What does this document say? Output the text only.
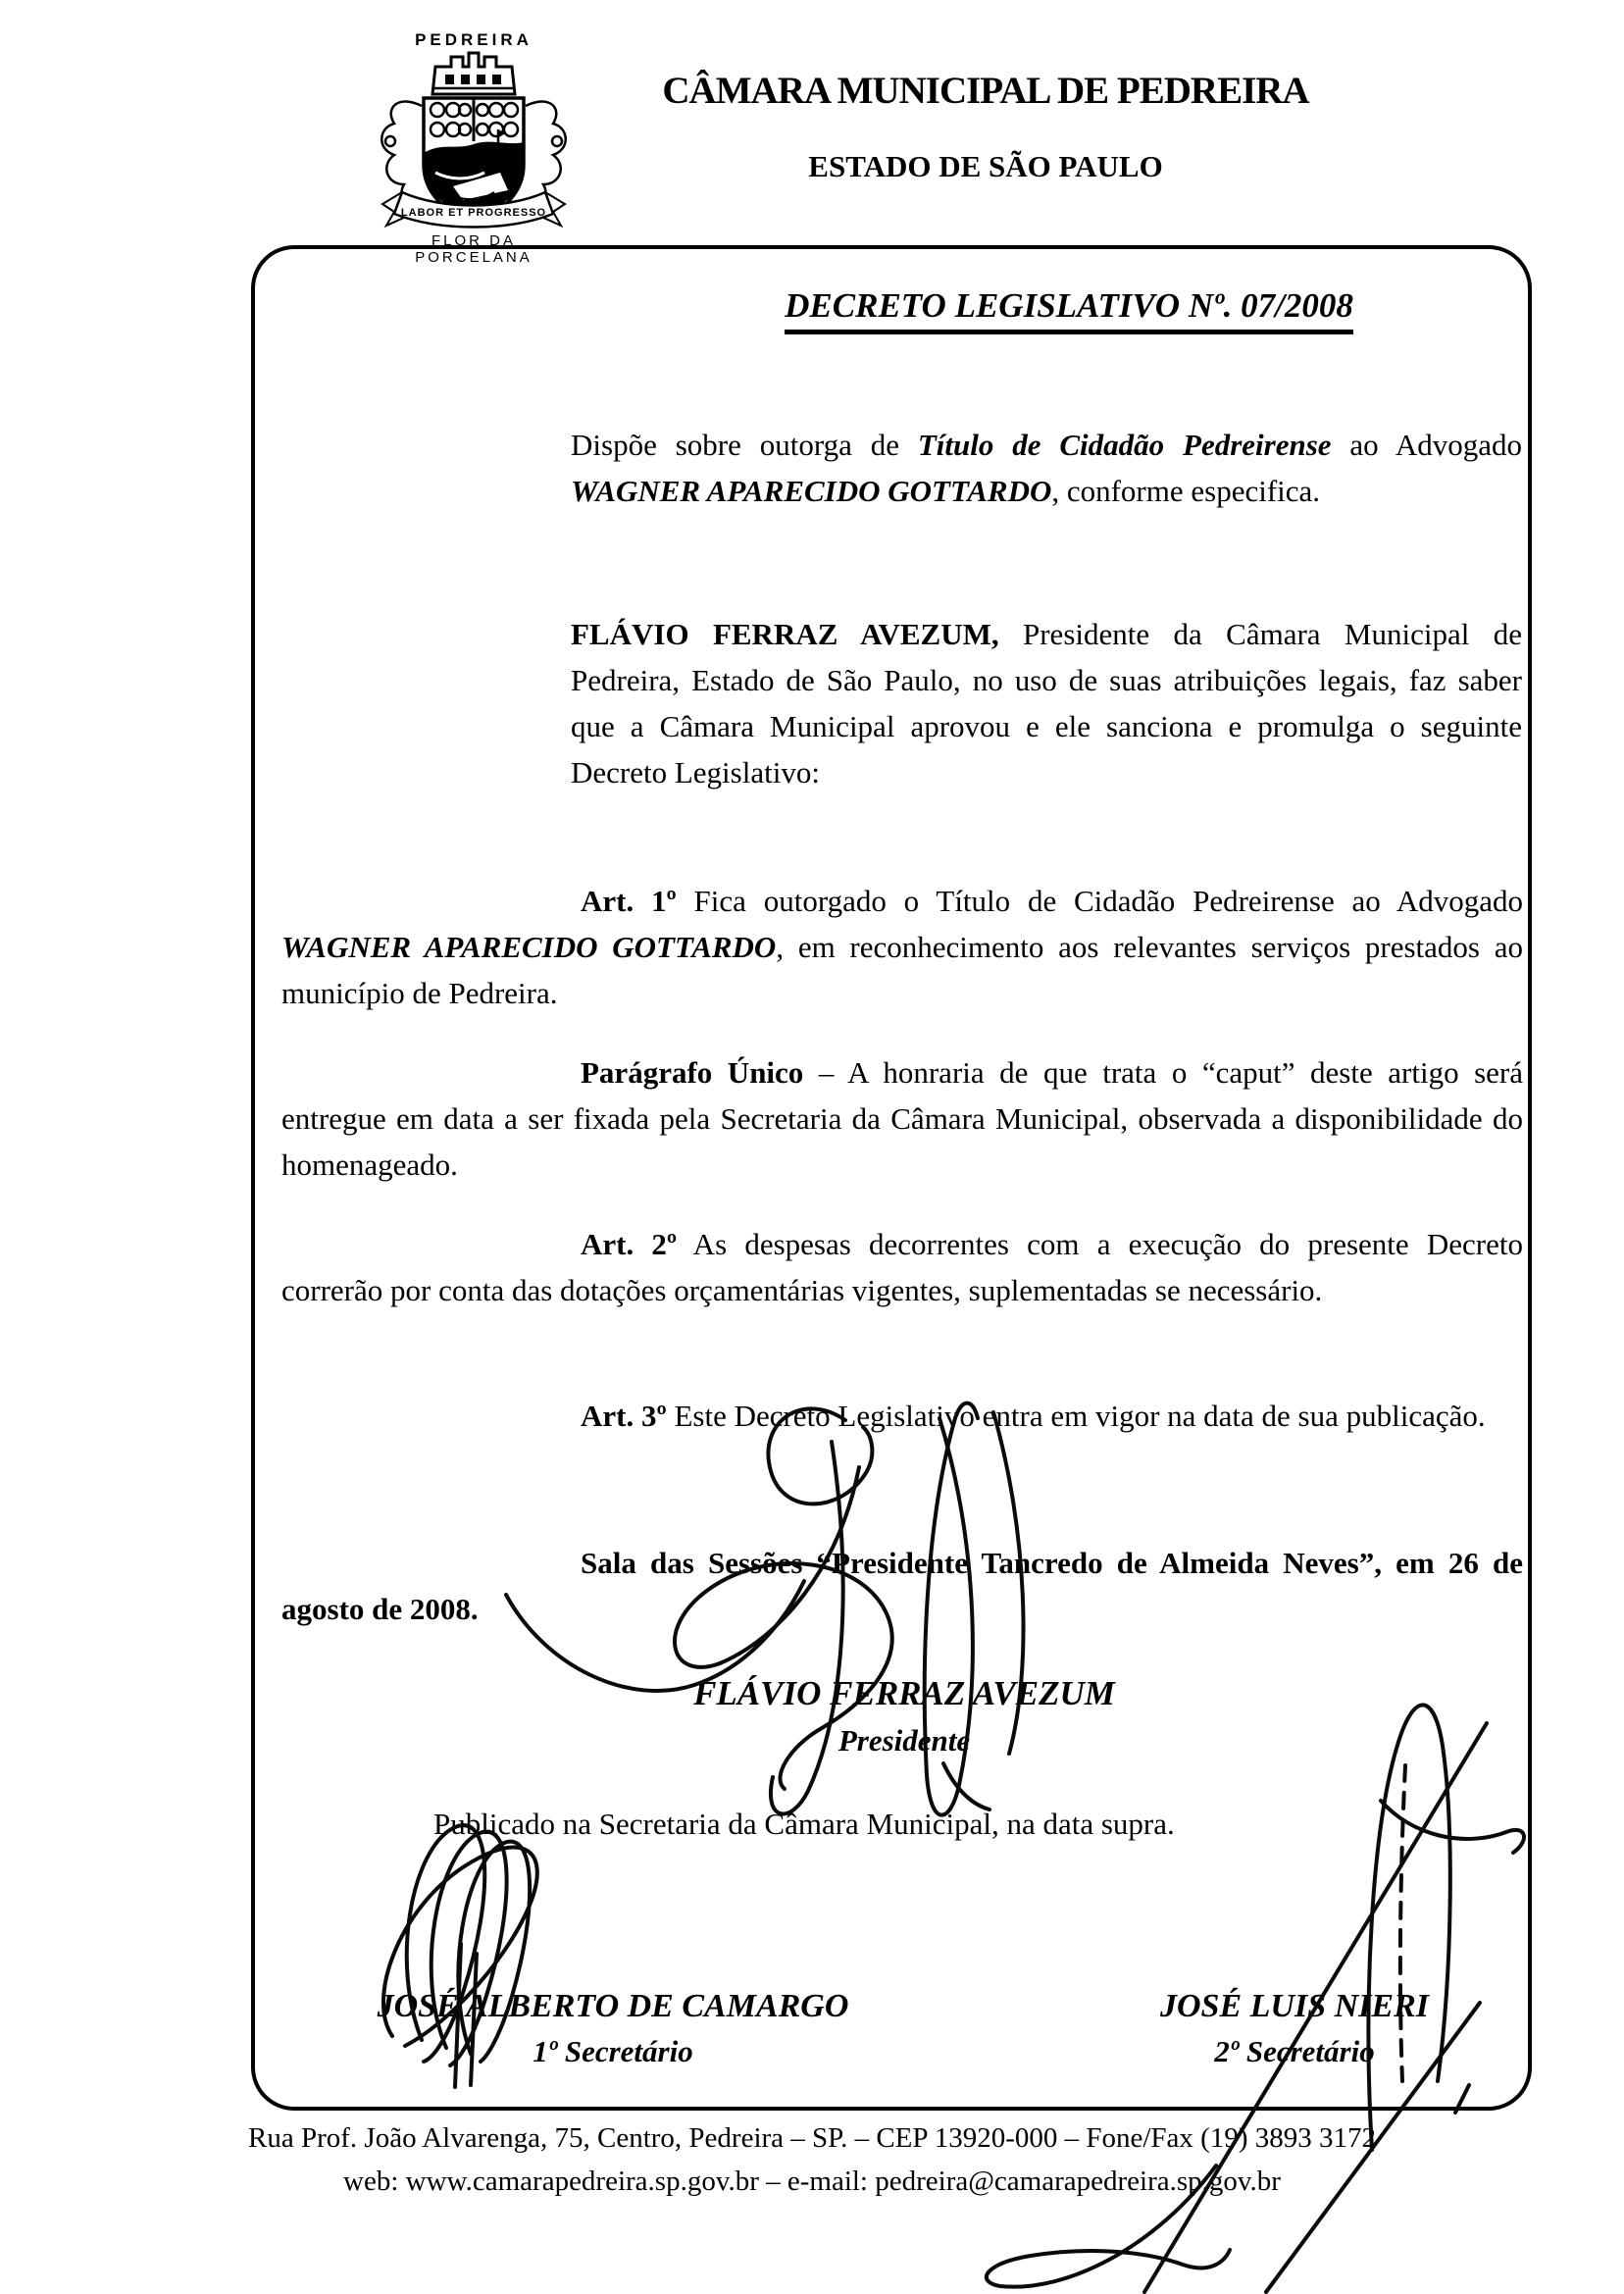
PEDREIRA
LABOR ET PROGRESSO
FLOR DA
PORCELANA
CÂMARA MUNICIPAL DE PEDREIRA
ESTADO DE SÃO PAULO
DECRETO LEGISLATIVO Nº. 07/2008

Dispõe sobre outorga de Título de Cidadão Pedreirense ao Advogado WAGNER APARECIDO GOTTARDO, conforme especifica.

FLÁVIO FERRAZ AVEZUM, Presidente da Câmara Municipal de Pedreira, Estado de São Paulo, no uso de suas atribuições legais, faz saber que a Câmara Municipal aprovou e ele sanciona e promulga o seguinte Decreto Legislativo:

Art. 1º Fica outorgado o Título de Cidadão Pedreirense ao Advogado WAGNER APARECIDO GOTTARDO, em reconhecimento aos relevantes serviços prestados ao município de Pedreira.

Parágrafo Único – A honraria de que trata o “caput” deste artigo será entregue em data a ser fixada pela Secretaria da Câmara Municipal, observada a disponibilidade do homenageado.

Art. 2º As despesas decorrentes com a execução do presente Decreto correrão por conta das dotações orçamentárias vigentes, suplementadas se necessário.

Art. 3º Este Decreto Legislativo entra em vigor na data de sua publicação.

Sala das Sessões “Presidente Tancredo de Almeida Neves”, em 26 de agosto de 2008.

FLÁVIO FERRAZ AVEZUM
Presidente
Publicado na Secretaria da Câmara Municipal, na data supra.
JOSÉ ALBERTO DE CAMARGO
1º Secretário
JOSÉ LUIS NIERI
2º Secretário
Rua Prof. João Alvarenga, 75, Centro, Pedreira – SP. – CEP 13920-000 – Fone/Fax (19) 3893 3172
web: www.camarapedreira.sp.gov.br – e-mail: pedreira@camarapedreira.sp.gov.br
